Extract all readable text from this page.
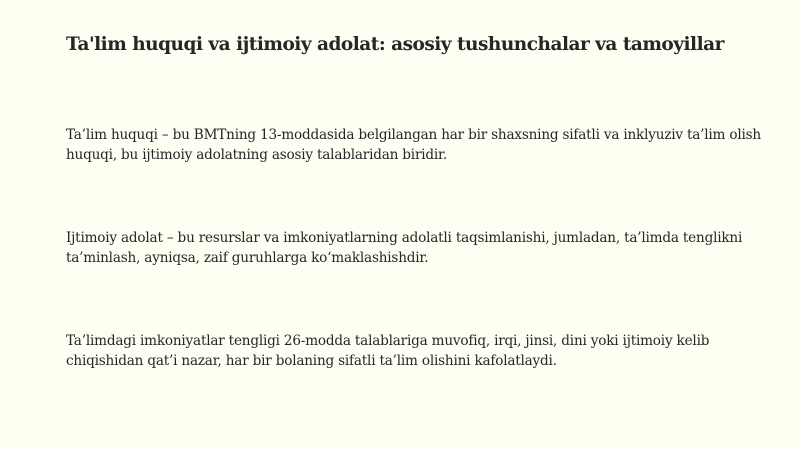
Ta'lim huquqi va ijtimoiy adolat: asosiy tushunchalar va tamoyillar

Ta’lim huquqi – bu BMTning 13-moddasida belgilangan har bir shaxsning sifatli va inklyuziv ta’lim olish huquqi, bu ijtimoiy adolatning asosiy talablaridan biridir.

Ijtimoiy adolat – bu resurslar va imkoniyatlarning adolatli taqsimlanishi, jumladan, ta’limda tenglikni ta’minlash, ayniqsa, zaif guruhlarga koʻmaklashishdir.

Ta’limdagi imkoniyatlar tengligi 26-modda talablariga muvofiq, irqi, jinsi, dini yoki ijtimoiy kelib chiqishidan qat’i nazar, har bir bolaning sifatli ta’lim olishini kafolatlaydi.
